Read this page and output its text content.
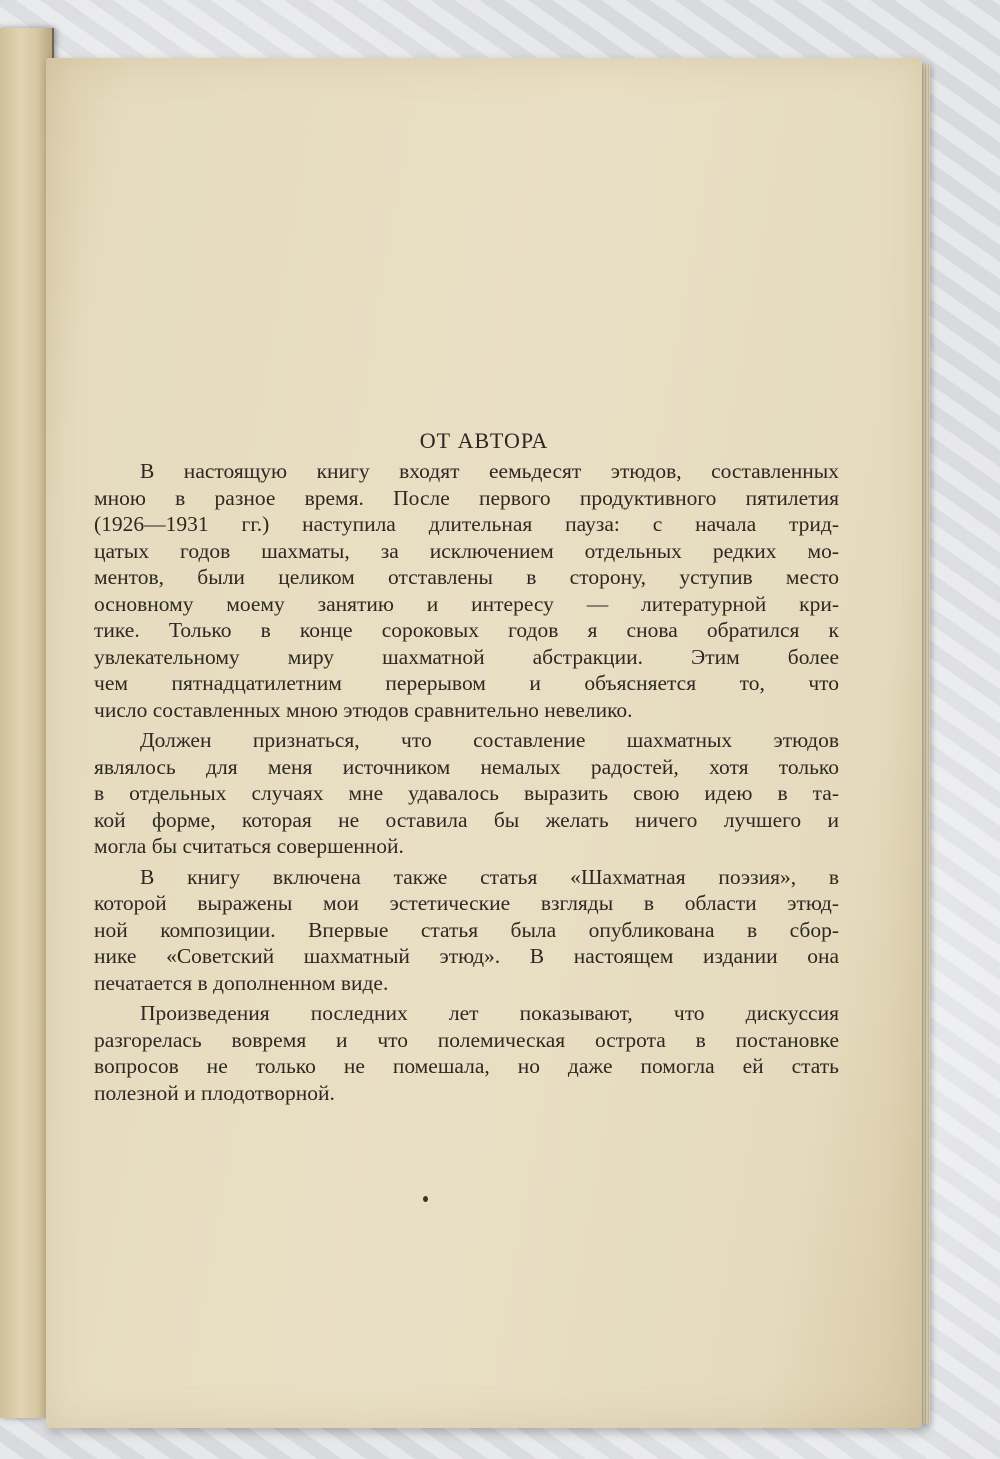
ОТ АВТОРА
В настоящую книгу входят еемьдесят этюдов, составленных
мною в разное время. После первого продуктивного пятилетия
(1926—1931 гг.) наступила длительная пауза: с начала трид-
цатых годов шахматы, за исключением отдельных редких мо-
ментов, были целиком отставлены в сторону, уступив место
основному моему занятию и интересу — литературной кри-
тике. Только в конце сороковых годов я снова обратился к
увлекательному миру шахматной абстракции. Этим более
чем пятнадцатилетним перерывом и объясняется то, что
число составленных мною этюдов сравнительно невелико.
Должен признаться, что составление шахматных этюдов
являлось для меня источником немалых радостей, хотя только
в отдельных случаях мне удавалось выразить свою идею в та-
кой форме, которая не оставила бы желать ничего лучшего и
могла бы считаться совершенной.
В книгу включена также статья «Шахматная поэзия», в
которой выражены мои эстетические взгляды в области этюд-
ной композиции. Впервые статья была опубликована в сбор-
нике «Советский шахматный этюд». В настоящем издании она
печатается в дополненном виде.
Произведения последних лет показывают, что дискуссия
разгорелась вовремя и что полемическая острота в постановке
вопросов не только не помешала, но даже помогла ей стать
полезной и плодотворной.
